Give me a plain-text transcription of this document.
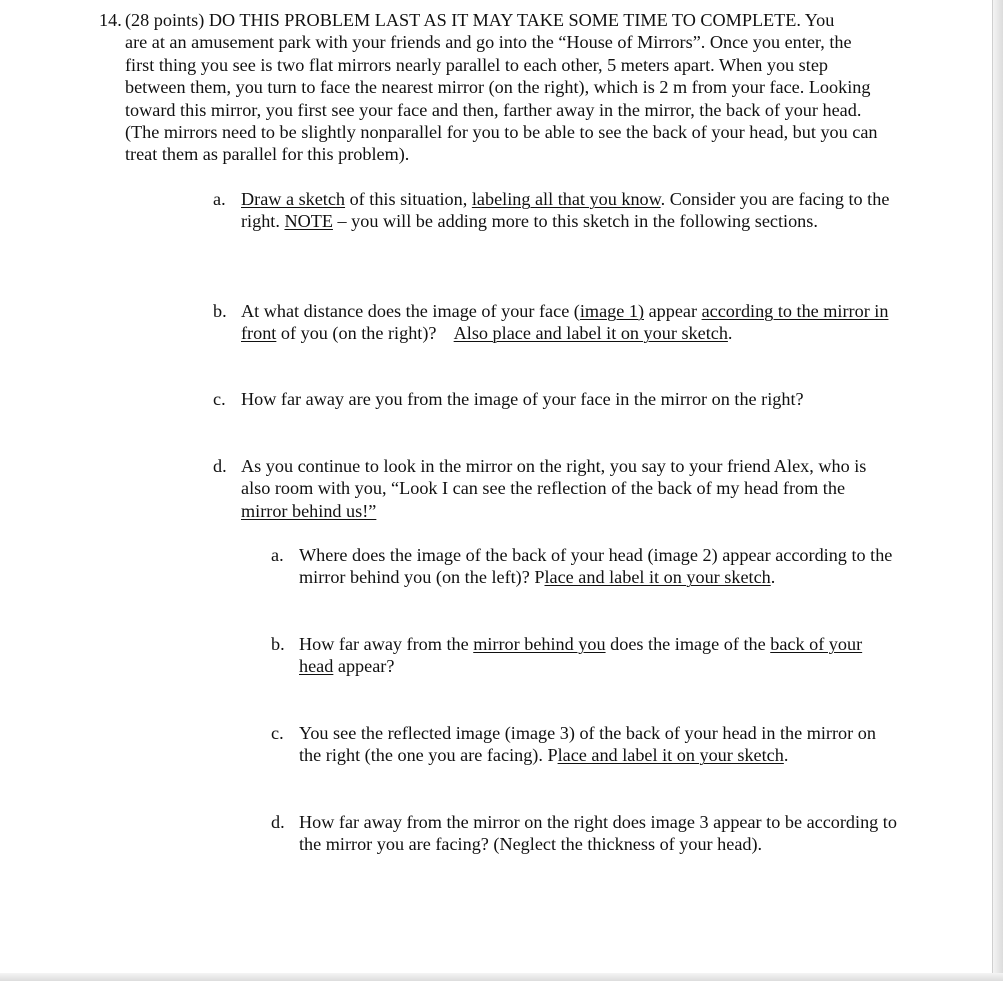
14. (28 points) DO THIS PROBLEM LAST AS IT MAY TAKE SOME TIME TO COMPLETE. You
are at an amusement park with your friends and go into the “House of Mirrors”. Once you enter, the
first thing you see is two flat mirrors nearly parallel to each other, 5 meters apart. When you step
between them, you turn to face the nearest mirror (on the right), which is 2 m from your face. Looking
toward this mirror, you first see your face and then, farther away in the mirror, the back of your head.
(The mirrors need to be slightly nonparallel for you to be able to see the back of your head, but you can
treat them as parallel for this problem).
a. Draw a sketch of this situation, labeling all that you know. Consider you are facing to the
right. NOTE – you will be adding more to this sketch in the following sections.
b. At what distance does the image of your face (image 1) appear according to the mirror in
front of you (on the right)?    Also place and label it on your sketch.
c. How far away are you from the image of your face in the mirror on the right?
d. As you continue to look in the mirror on the right, you say to your friend Alex, who is
also room with you, “Look I can see the reflection of the back of my head from the
mirror behind us!”
a. Where does the image of the back of your head (image 2) appear according to the
mirror behind you (on the left)? Place and label it on your sketch.
b. How far away from the mirror behind you does the image of the back of your
head appear?
c. You see the reflected image (image 3) of the back of your head in the mirror on
the right (the one you are facing). Place and label it on your sketch.
d. How far away from the mirror on the right does image 3 appear to be according to
the mirror you are facing? (Neglect the thickness of your head).
